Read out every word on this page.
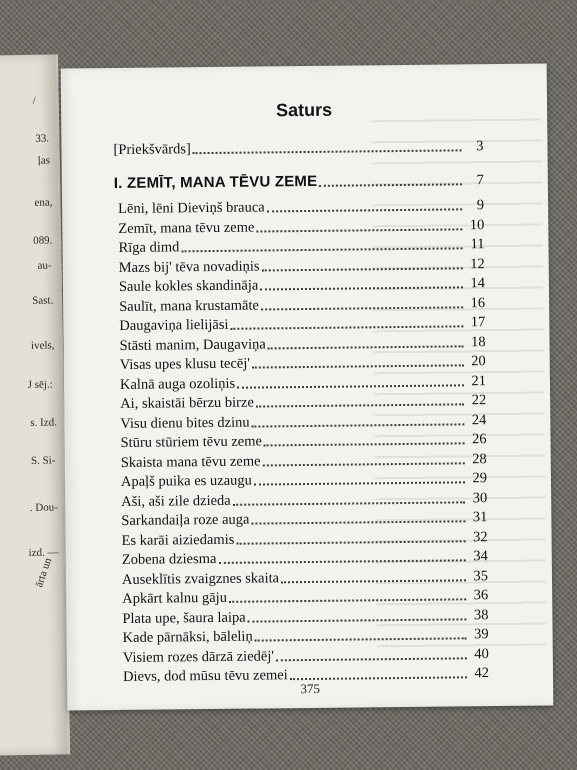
/
33.
ļas
ena,
089.
au-
Sast.
ivels,
J sēj.:
s. Izd.
S. Si-
. Dou-
izd. —
ārta un
Saturs
[Priekšvārds]	3
I. ZEMĪT, MANA TĒVU ZEME	7
Lēni, lēni Dieviņš brauca	9
Zemīt, mana tēvu zeme	10
Rīga dimd	11
Mazs bij' tēva novadiņis	12
Saule kokles skandināja	14
Saulīt, mana krustamāte	16
Daugaviņa lielijāsi	17
Stāsti manim, Daugaviņa	18
Visas upes klusu tecēj'	20
Kalnā auga ozoliņis	21
Ai, skaistāi bērzu birze	22
Visu dienu bites dzinu	24
Stūru stūriem tēvu zeme	26
Skaista mana tēvu zeme	28
Apaļš puika es uzaugu	29
Aši, aši zile dzieda	30
Sarkandaiļa roze auga	31
Es karāi aiziedamis	32
Zobena dziesma	34
Auseklītis zvaigznes skaita	35
Apkārt kalnu gāju	36
Plata upe, šaura laipa	38
Kade pārnāksi, bāleliņ	39
Visiem rozes dārzā ziedēj'	40
Dievs, dod mūsu tēvu zemei	42
375
